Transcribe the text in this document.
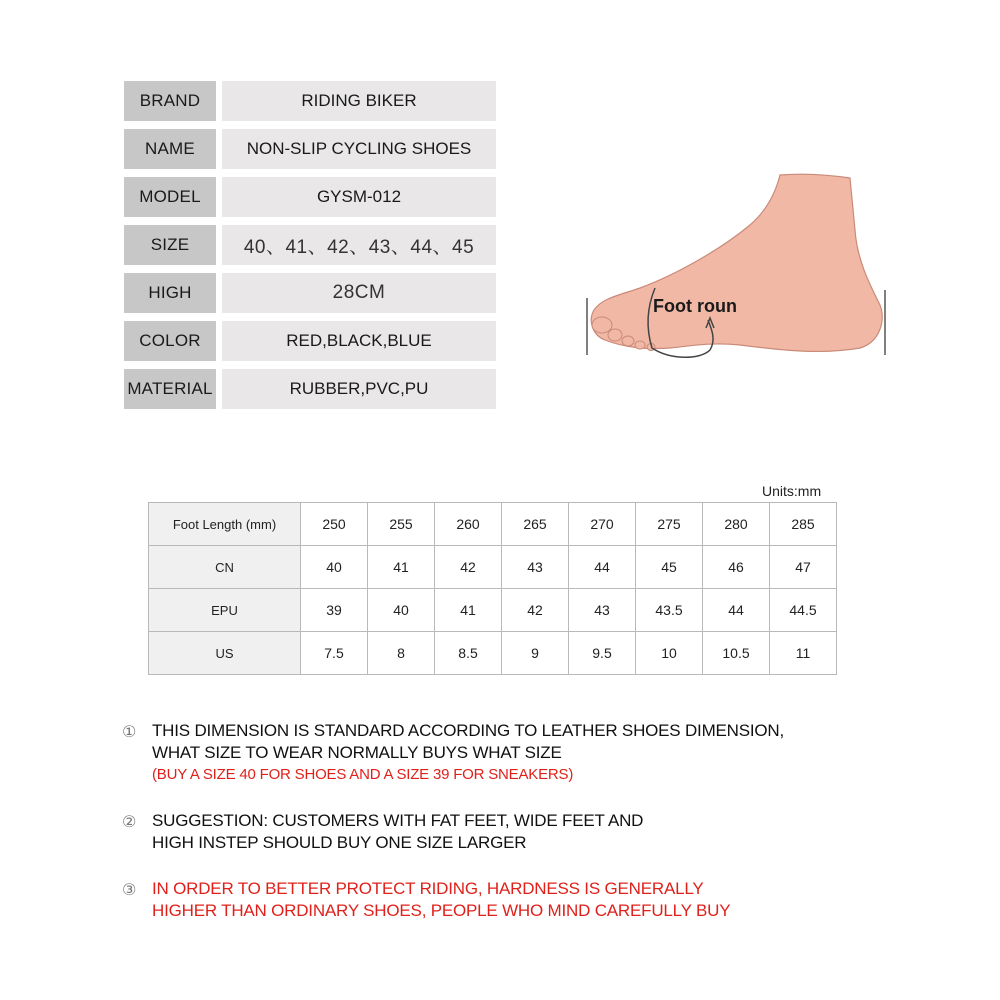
BRAND	RIDING BIKER
NAME	NON-SLIP CYCLING SHOES
MODEL	GYSM-012
SIZE	40、41、42、43、44、45
HIGH	28CM
COLOR	RED,BLACK,BLUE
MATERIAL	RUBBER,PVC,PU
Foot roun
Units:mm
Foot Length (mm)	250	255	260	265	270	275	280	285
CN	40	41	42	43	44	45	46	47
EPU	39	40	41	42	43	43.5	44	44.5
US	7.5	8	8.5	9	9.5	10	10.5	11
① THIS DIMENSION IS STANDARD ACCORDING TO LEATHER SHOES DIMENSION,
WHAT SIZE TO WEAR NORMALLY BUYS WHAT SIZE
(BUY A SIZE 40 FOR SHOES AND A SIZE 39 FOR SNEAKERS)
② SUGGESTION: CUSTOMERS WITH FAT FEET, WIDE FEET AND
HIGH INSTEP SHOULD BUY ONE SIZE LARGER
③ IN ORDER TO BETTER PROTECT RIDING, HARDNESS IS GENERALLY
HIGHER THAN ORDINARY SHOES, PEOPLE WHO MIND CAREFULLY BUY
